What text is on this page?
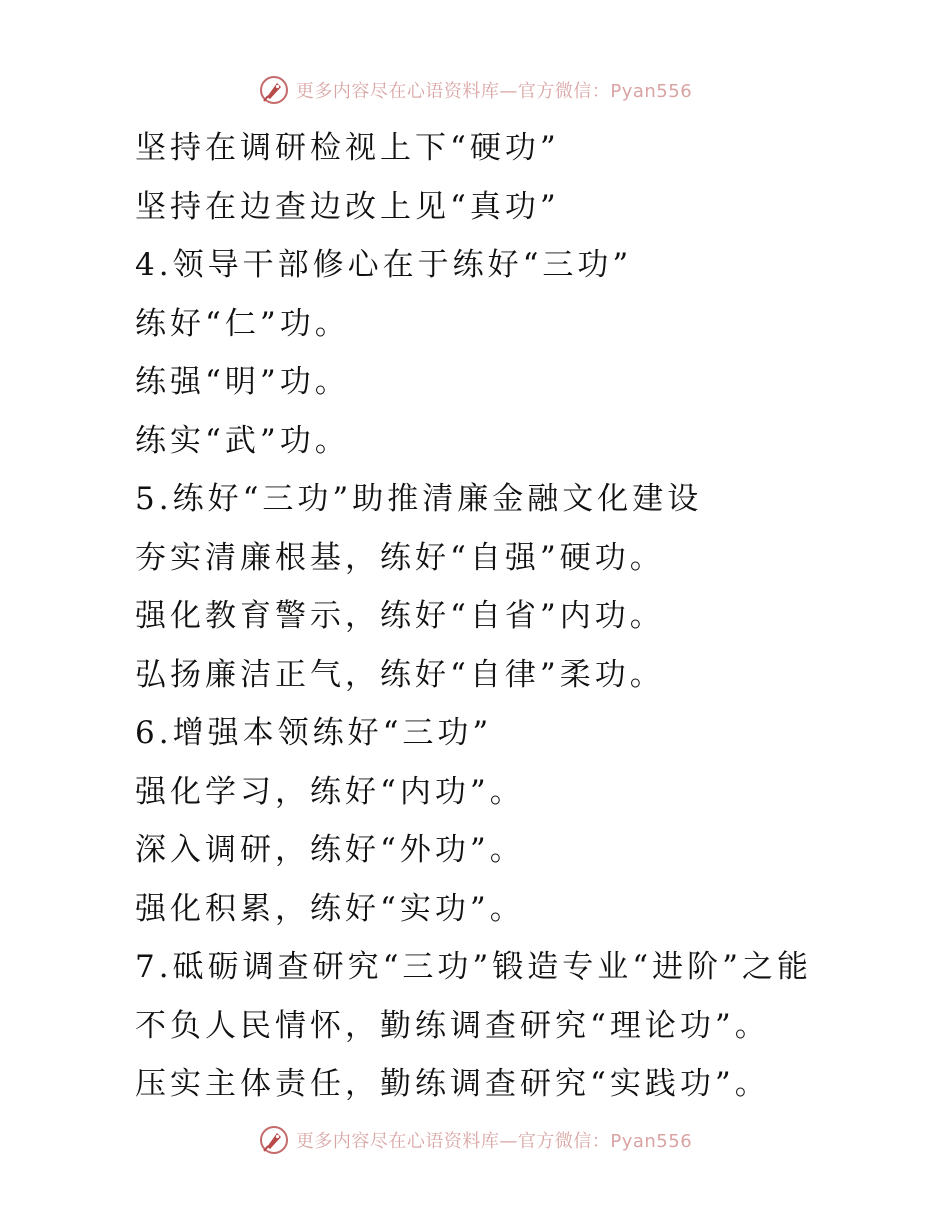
更多内容尽在心语资料库—官方微信：Pyan556
坚持在调研检视上下“硬功”
坚持在边查边改上见“真功”
4.领导干部修心在于练好“三功”
练好“仁”功。
练强“明”功。
练实“武”功。
5.练好“三功”助推清廉金融文化建设
夯实清廉根基，练好“自强”硬功。
强化教育警示，练好“自省”内功。
弘扬廉洁正气，练好“自律”柔功。
6.增强本领练好“三功”
强化学习，练好“内功”。
深入调研，练好“外功”。
强化积累，练好“实功”。
7.砥砺调查研究“三功”锻造专业“进阶”之能
不负人民情怀，勤练调查研究“理论功”。
压实主体责任，勤练调查研究“实践功”。
更多内容尽在心语资料库—官方微信：Pyan556
